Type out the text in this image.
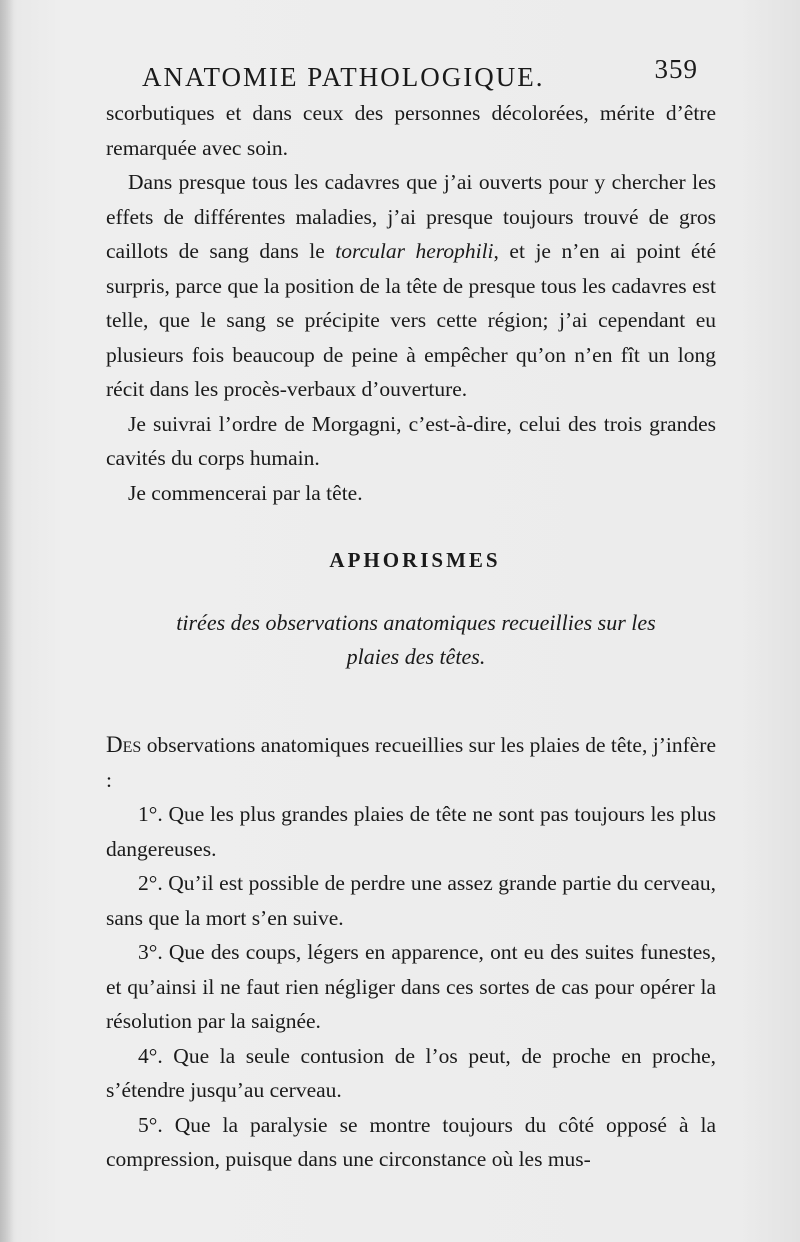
ANATOMIE PATHOLOGIQUE.	359

scorbutiques et dans ceux des personnes décolorées, mérite d’être remarquée avec soin.

Dans presque tous les cadavres que j’ai ouverts pour y chercher les effets de différentes maladies, j’ai presque toujours trouvé de gros caillots de sang dans le torcular herophili, et je n’en ai point été surpris, parce que la position de la tête de presque tous les cadavres est telle, que le sang se précipite vers cette région; j’ai cependant eu plusieurs fois beaucoup de peine à empêcher qu’on n’en fît un long récit dans les procès-verbaux d’ouverture.

Je suivrai l’ordre de Morgagni, c’est-à-dire, celui des trois grandes cavités du corps humain.

Je commencerai par la tête.

APHORISMES
tirées des observations anatomiques recueillies sur les
plaies des têtes.

Des observations anatomiques recueillies sur les plaies de tête, j’infère :

1°. Que les plus grandes plaies de tête ne sont pas toujours les plus dangereuses.

2°. Qu’il est possible de perdre une assez grande partie du cerveau, sans que la mort s’en suive.

3°. Que des coups, légers en apparence, ont eu des suites funestes, et qu’ainsi il ne faut rien négliger dans ces sortes de cas pour opérer la résolution par la saignée.

4°. Que la seule contusion de l’os peut, de proche en proche, s’étendre jusqu’au cerveau.

5°. Que la paralysie se montre toujours du côté opposé à la compression, puisque dans une circonstance où les mus-
